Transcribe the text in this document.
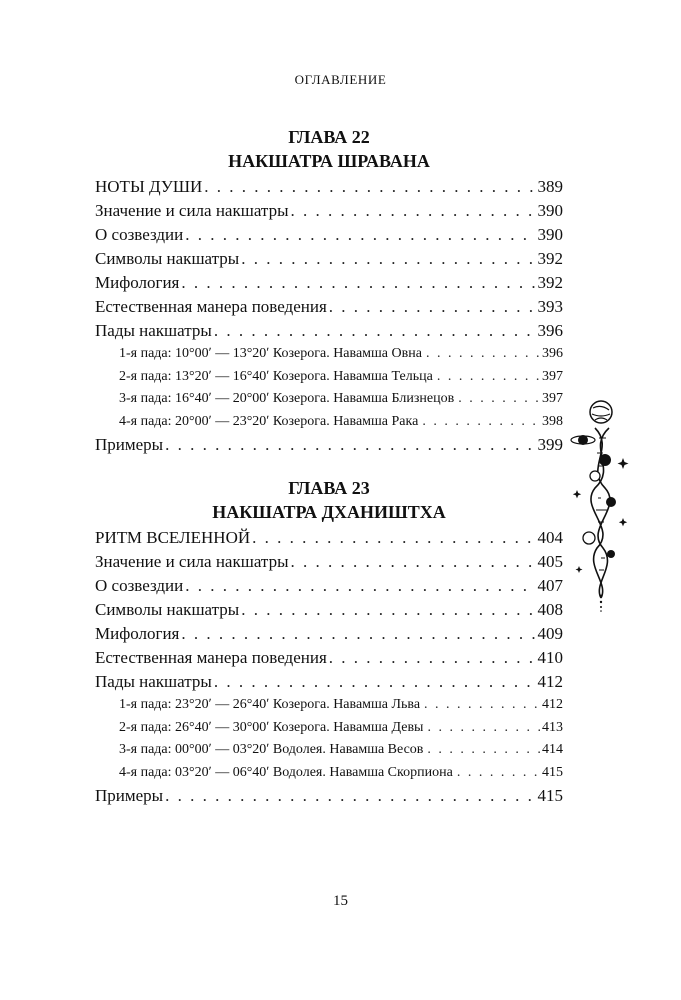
ОГЛАВЛЕНИЕ
ГЛАВА 22
НАКШАТРА ШРАВАНА
НОТЫ ДУШИ . . .	389
Значение и сила накшатры . . .	390
О созвездии . . .	390
Символы накшатры . . .	392
Мифология . . .	392
Естественная манера поведения . . .	393
Пады накшатры . . .	396
1-я пада: 10°00ʹ — 13°20ʹ Козерога. Навамша Овна . . .	396
2-я пада: 13°20ʹ — 16°40ʹ Козерога. Навамша Тельца . . .	397
3-я пада: 16°40ʹ — 20°00ʹ Козерога. Навамша Близнецов . . .	397
4-я пада: 20°00ʹ — 23°20ʹ Козерога. Навамша Рака . . .	398
Примеры . . .	399
ГЛАВА 23
НАКШАТРА ДХАНИШТХА
РИТМ ВСЕЛЕННОЙ . . .	404
Значение и сила накшатры . . .	405
О созвездии . . .	407
Символы накшатры . . .	408
Мифология . . .	409
Естественная манера поведения . . .	410
Пады накшатры . . .	412
1-я пада: 23°20ʹ — 26°40ʹ Козерога. Навамша Льва . . .	412
2-я пада: 26°40ʹ — 30°00ʹ Козерога. Навамша Девы . . .	413
3-я пада: 00°00ʹ — 03°20ʹ Водолея. Навамша Весов . . .	414
4-я пада: 03°20ʹ — 06°40ʹ Водолея. Навамша Скорпиона . . .	415
Примеры . . .	415
15
